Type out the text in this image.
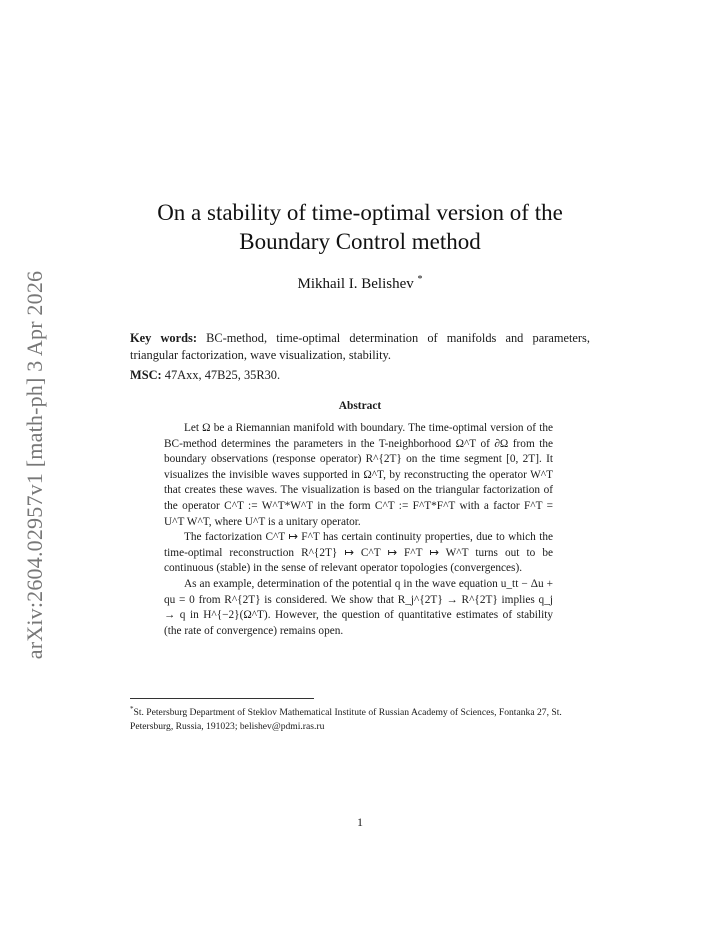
arXiv:2604.02957v1 [math-ph] 3 Apr 2026
On a stability of time-optimal version of the
Boundary Control method
Mikhail I. Belishev *
Key words: BC-method, time-optimal determination of manifolds and parameters, triangular factorization, wave visualization, stability.
MSC: 47Axx, 47B25, 35R30.
Abstract

Let Ω be a Riemannian manifold with boundary. The time-optimal version of the BC-method determines the parameters in the T-neighborhood Ω^T of ∂Ω from the boundary observations (response operator) R^{2T} on the time segment [0, 2T]. It visualizes the invisible waves supported in Ω^T, by reconstructing the operator W^T that creates these waves. The visualization is based on the triangular factorization of the operator C^T := W^T*W^T in the form C^T := F^T*F^T with a factor F^T = U^T W^T, where U^T is a unitary operator.

The factorization C^T ↦ F^T has certain continuity properties, due to which the time-optimal reconstruction R^{2T} ↦ C^T ↦ F^T ↦ W^T turns out to be continuous (stable) in the sense of relevant operator topologies (convergences).

As an example, determination of the potential q in the wave equation u_tt − Δu + qu = 0 from R^{2T} is considered. We show that R_j^{2T} → R^{2T} implies q_j → q in H^{−2}(Ω^T). However, the question of quantitative estimates of stability (the rate of convergence) remains open.

*St. Petersburg Department of Steklov Mathematical Institute of Russian Academy of Sciences, Fontanka 27, St. Petersburg, Russia, 191023; belishev@pdmi.ras.ru
1
